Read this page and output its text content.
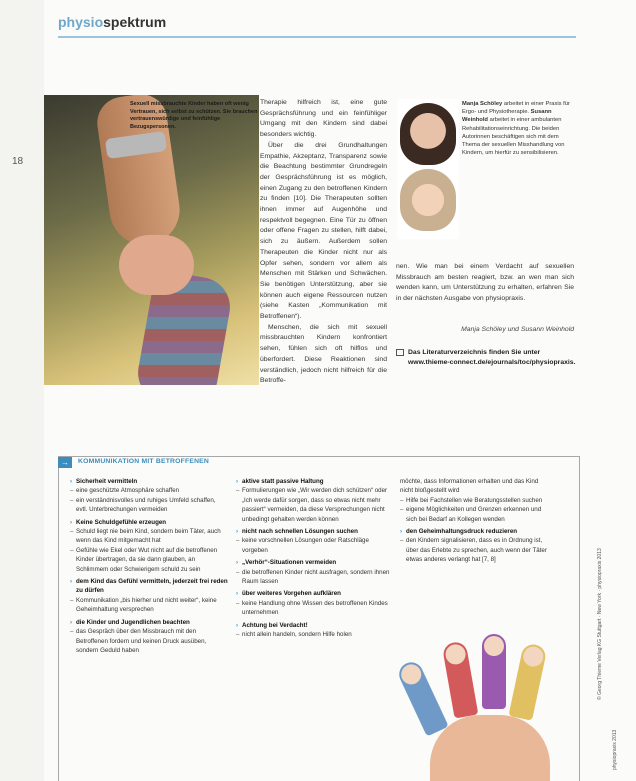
physiospektrum
18
Sexuell missbrauchte Kinder haben oft wenig Vertrauen, sich selbst zu schützen. Sie brauchen vertrauenswürdige und feinfühlige Bezugspersonen.

Therapie hilfreich ist, eine gute Gesprächsführung und ein feinfühliger Umgang mit den Kindern sind dabei besonders wichtig.

Über die drei Grundhaltungen Empathie, Akzeptanz, Transparenz sowie die Beachtung bestimmter Grundregeln der Gesprächsführung ist es möglich, einen Zugang zu den betroffenen Kindern zu finden [10]. Die Therapeuten sollten ihnen immer auf Augenhöhe und respektvoll begegnen. Eine Tür zu öffnen oder offene Fragen zu stellen, hilft dabei, sich zu äußern. Außerdem sollen Therapeuten die Kinder nicht nur als Opfer sehen, sondern vor allem als Menschen mit Stärken und Schwächen. Sie benötigen Unterstützung, aber sie können auch eigene Ressourcen nutzen (siehe Kasten „Kommunikation mit Betroffenen“).

Menschen, die sich mit sexuell missbrauchten Kindern konfrontiert sehen, fühlen sich oft hilflos und überfordert. Diese Reaktionen sind verständlich, jedoch nicht hilfreich für die Betroffe-

Manja Schöley arbeitet in einer Praxis für Ergo- und Physiotherapie. Susann Weinhold arbeitet in einer ambulanten Rehabilitationseinrichtung. Die beiden Autorinnen beschäftigen sich mit dem Thema der sexuellen Misshandlung von Kindern, um hierfür zu sensibilisieren.

nen. Wie man bei einem Verdacht auf sexuellen Missbrauch am besten reagiert, bzw. an wen man sich wenden kann, um Unterstützung zu erhalten, erfahren Sie in der nächsten Ausgabe von physiopraxis.

Manja Schöley und Susann Weinhold
Das Literaturverzeichnis finden Sie unter www.thieme-connect.de/ejournals/toc/physiopraxis.
→	KOMMUNIKATION MIT BETROFFENEN
› Sicherheit vermitteln
– eine geschützte Atmosphäre schaffen
– ein verständnisvolles und ruhiges Umfeld schaffen, evtl. Unterbrechungen vermeiden
› Keine Schuldgefühle erzeugen
– Schuld liegt nie beim Kind, sondern beim Täter, auch wenn das Kind mitgemacht hat
– Gefühle wie Ekel oder Wut nicht auf die betroffenen Kinder übertragen, da sie dann glauben, an Schlimmem oder Schwierigem schuld zu sein
› dem Kind das Gefühl vermitteln, jederzeit frei reden zu dürfen
– Kommunikation „bis hierher und nicht weiter“, keine Geheimhaltung versprechen
› die Kinder und Jugendlichen beachten
– das Gespräch über den Missbrauch mit den Betroffenen fordern und keinen Druck ausüben, sondern Geduld haben
› aktive statt passive Haltung
– Formulierungen wie „Wir werden dich schützen“ oder „Ich werde dafür sorgen, dass so etwas nicht mehr passiert“ vermeiden, da diese Versprechungen nicht unbedingt gehalten werden können
› nicht nach schnellen Lösungen suchen
– keine vorschnellen Lösungen oder Ratschläge vorgeben
› „Verhör“-Situationen vermeiden
– die betroffenen Kinder nicht ausfragen, sondern ihnen Raum lassen
› über weiteres Vorgehen aufklären
– keine Handlung ohne Wissen des betroffenen Kindes unternehmen
› Achtung bei Verdacht!
– nicht allein handeln, sondern Hilfe holen
möchte, dass Informationen erhalten und das Kind nicht bloßgestellt wird
– Hilfe bei Fachstellen wie Beratungsstellen suchen
– eigene Möglichkeiten und Grenzen erkennen und sich bei Bedarf an Kollegen wenden
› den Geheimhaltungsdruck reduzieren
– den Kindern signalisieren, dass es in Ordnung ist, über das Erlebte zu sprechen, auch wenn der Täter etwas anderes verlangt hat [7, 8]	© Georg Thieme Verlag KG Stuttgart · New York · physiopraxis 2013
physiopraxis 2013
